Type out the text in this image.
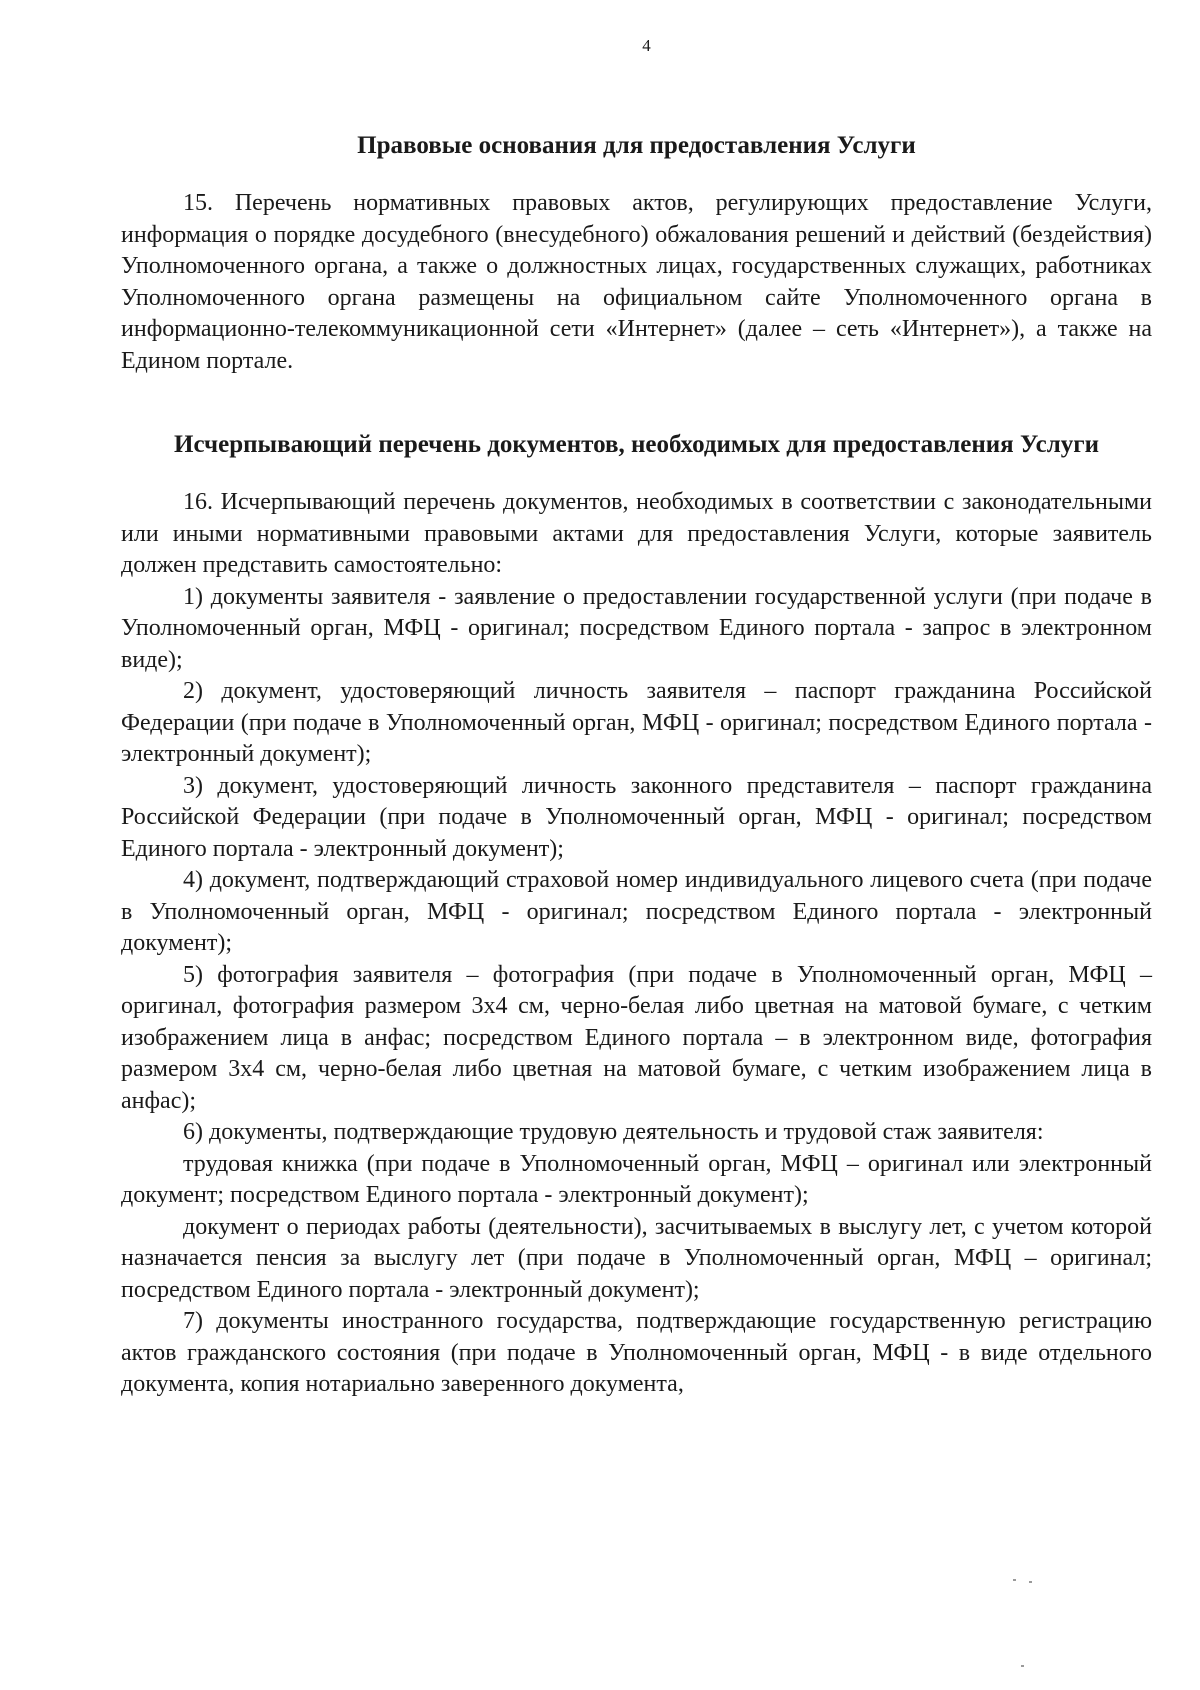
4
Правовые основания для предоставления Услуги

15. Перечень нормативных правовых актов, регулирующих предоставление Услуги, информация о порядке досудебного (внесудебного) обжалования решений и действий (бездействия) Уполномоченного органа, а также о должностных лицах, государственных служащих, работниках Уполномоченного органа размещены на официальном сайте Уполномоченного органа в информационно-телекоммуникационной сети «Интернет» (далее – сеть «Интернет»), а также на Едином портале.

Исчерпывающий перечень документов, необходимых для предоставления Услуги

16. Исчерпывающий перечень документов, необходимых в соответствии с законодательными или иными нормативными правовыми актами для предоставления Услуги, которые заявитель должен представить самостоятельно:

1) документы заявителя - заявление о предоставлении государственной услуги (при подаче в Уполномоченный орган, МФЦ - оригинал; посредством Единого портала - запрос в электронном виде);

2) документ, удостоверяющий личность заявителя – паспорт гражданина Российской Федерации (при подаче в Уполномоченный орган, МФЦ - оригинал; посредством Единого портала - электронный документ);

3) документ, удостоверяющий личность законного представителя – паспорт гражданина Российской Федерации (при подаче в Уполномоченный орган, МФЦ - оригинал; посредством Единого портала - электронный документ);

4) документ, подтверждающий страховой номер индивидуального лицевого счета (при подаче в Уполномоченный орган, МФЦ - оригинал; посредством Единого портала - электронный документ);

5) фотография заявителя – фотография (при подаче в Уполномоченный орган, МФЦ – оригинал, фотография размером 3х4 см, черно-белая либо цветная на матовой бумаге, с четким изображением лица в анфас; посредством Единого портала – в электронном виде, фотография размером 3х4 см, черно-белая либо цветная на матовой бумаге, с четким изображением лица в анфас);

6) документы, подтверждающие трудовую деятельность и трудовой стаж заявителя:

трудовая книжка (при подаче в Уполномоченный орган, МФЦ – оригинал или электронный документ; посредством Единого портала - электронный документ);

документ о периодах работы (деятельности), засчитываемых в выслугу лет, с учетом которой назначается пенсия за выслугу лет (при подаче в Уполномоченный орган, МФЦ – оригинал; посредством Единого портала - электронный документ);

7) документы иностранного государства, подтверждающие государственную регистрацию актов гражданского состояния (при подаче в Уполномоченный орган, МФЦ - в виде отдельного документа, копия нотариально заверенного документа,
